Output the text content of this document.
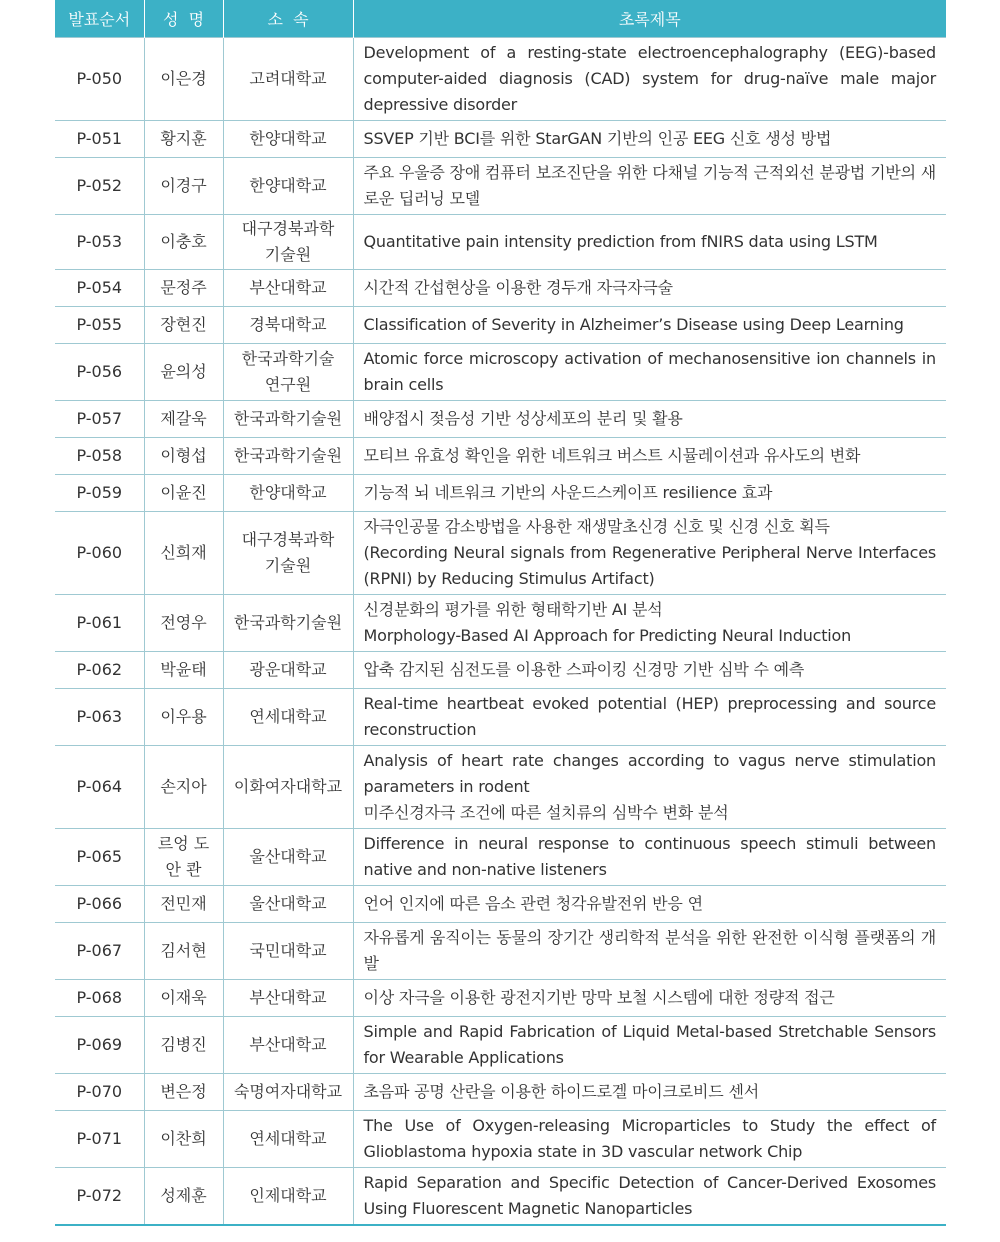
발표순서	성  명	소  속	초록제목
P-050	이은경	고려대학교	Development of a resting-state electroencephalography (EEG)-based computer-aided diagnosis (CAD) system for drug-naïve male major depressive disorder

P-051	황지훈	한양대학교	SSVEP 기반 BCI를 위한 StarGAN 기반의 인공 EEG 신호 생성 방법

P-052	이경구	한양대학교	주요 우울증 장애 컴퓨터 보조진단을 위한 다채널 기능적 근적외선 분광법 기반의 새로운 딥러닝 모델

P-053	이충호	대구경북과학기술원	Quantitative pain intensity prediction from fNIRS data using LSTM

P-054	문정주	부산대학교	시간적 간섭현상을 이용한 경두개 자극자극술

P-055	장현진	경북대학교	Classification of Severity in Alzheimer’s Disease using Deep Learning

P-056	윤의성	한국과학기술연구원	Atomic force microscopy activation of mechanosensitive ion channels in brain cells

P-057	제갈욱	한국과학기술원	배양접시 젖음성 기반 성상세포의 분리 및 활용

P-058	이형섭	한국과학기술원	모티브 유효성 확인을 위한 네트워크 버스트 시뮬레이션과 유사도의 변화

P-059	이윤진	한양대학교	기능적 뇌 네트워크 기반의 사운드스케이프 resilience 효과

P-060	신희재	대구경북과학기술원	자극인공물 감소방법을 사용한 재생말초신경 신호 및 신경 신호 획득
(Recording Neural signals from Regenerative Peripheral Nerve Interfaces (RPNI) by Reducing Stimulus Artifact)

P-061	전영우	한국과학기술원	신경분화의 평가를 위한 형태학기반 AI 분석
Morphology-Based AI Approach for Predicting Neural Induction

P-062	박윤태	광운대학교	압축 감지된 심전도를 이용한 스파이킹 신경망 기반 심박 수 예측

P-063	이우용	연세대학교	Real-time heartbeat evoked potential (HEP) preprocessing and source reconstruction

P-064	손지아	이화여자대학교	Analysis of heart rate changes according to vagus nerve stimulation parameters in rodent
미주신경자극 조건에 따른 설치류의 심박수 변화 분석

P-065	르엉 도 안 콴	울산대학교	Difference in neural response to continuous speech stimuli between native and non-native listeners

P-066	전민재	울산대학교	언어 인지에 따른 음소 관련 청각유발전위 반응 연

P-067	김서현	국민대학교	자유롭게 움직이는 동물의 장기간 생리학적 분석을 위한 완전한 이식형 플랫폼의 개발

P-068	이재욱	부산대학교	이상 자극을 이용한 광전지기반 망막 보철 시스템에 대한 정량적 접근

P-069	김병진	부산대학교	Simple and Rapid Fabrication of Liquid Metal-based Stretchable Sensors for Wearable Applications

P-070	변은정	숙명여자대학교	초음파 공명 산란을 이용한 하이드로겔 마이크로비드 센서

P-071	이찬희	연세대학교	The Use of Oxygen-releasing Microparticles to Study the effect of Glioblastoma hypoxia state in 3D vascular network Chip

P-072	성제훈	인제대학교	Rapid Separation and Specific Detection of Cancer-Derived Exosomes Using Fluorescent Magnetic Nanoparticles
